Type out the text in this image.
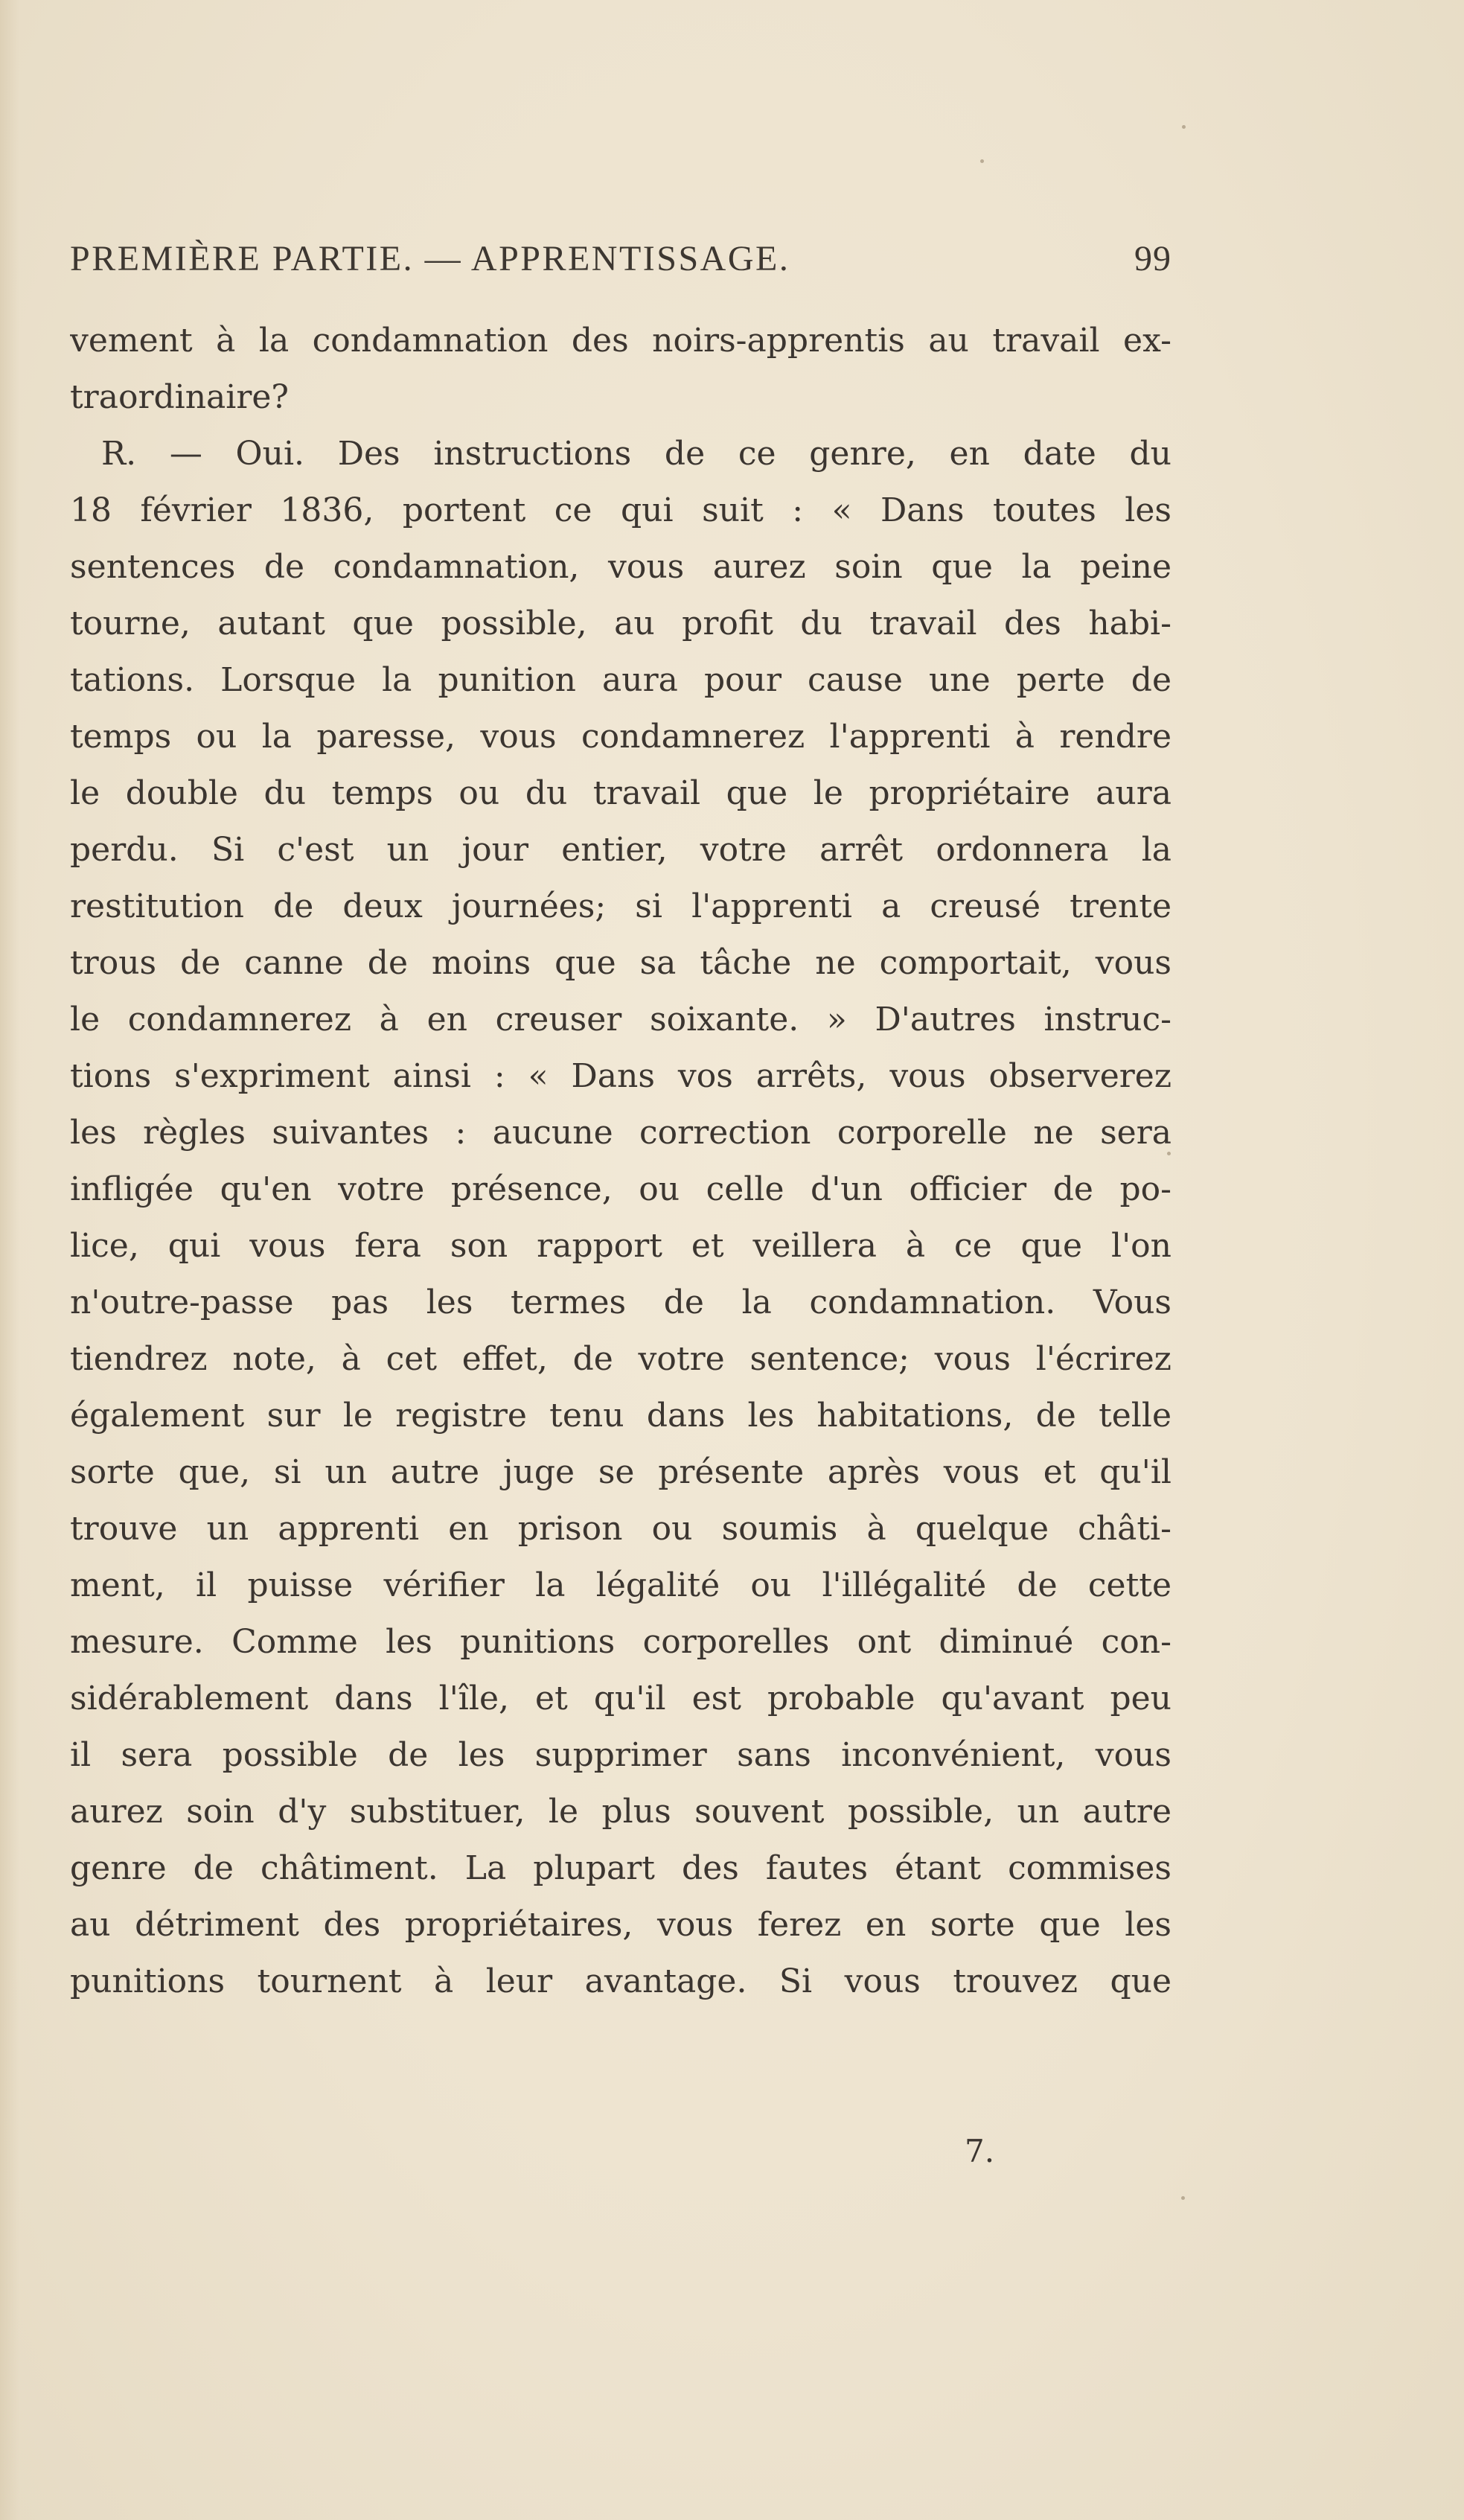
PREMIÈRE PARTIE. — APPRENTISSAGE.	99
vement à la condamnation des noirs-apprentis au travail ex-
traordinaire?
R. — Oui. Des instructions de ce genre, en date du
18 février 1836, portent ce qui suit : « Dans toutes les
sentences de condamnation, vous aurez soin que la peine
tourne, autant que possible, au profit du travail des habi-
tations. Lorsque la punition aura pour cause une perte de
temps ou la paresse, vous condamnerez l'apprenti à rendre
le double du temps ou du travail que le propriétaire aura
perdu. Si c'est un jour entier, votre arrêt ordonnera la
restitution de deux journées; si l'apprenti a creusé trente
trous de canne de moins que sa tâche ne comportait, vous
le condamnerez à en creuser soixante. » D'autres instruc-
tions s'expriment ainsi : « Dans vos arrêts, vous observerez
les règles suivantes : aucune correction corporelle ne sera
infligée qu'en votre présence, ou celle d'un officier de po-
lice, qui vous fera son rapport et veillera à ce que l'on
n'outre-passe pas les termes de la condamnation. Vous
tiendrez note, à cet effet, de votre sentence; vous l'écrirez
également sur le registre tenu dans les habitations, de telle
sorte que, si un autre juge se présente après vous et qu'il
trouve un apprenti en prison ou soumis à quelque châti-
ment, il puisse vérifier la légalité ou l'illégalité de cette
mesure. Comme les punitions corporelles ont diminué con-
sidérablement dans l'île, et qu'il est probable qu'avant peu
il sera possible de les supprimer sans inconvénient, vous
aurez soin d'y substituer, le plus souvent possible, un autre
genre de châtiment. La plupart des fautes étant commises
au détriment des propriétaires, vous ferez en sorte que les
punitions tournent à leur avantage. Si vous trouvez que
7.
